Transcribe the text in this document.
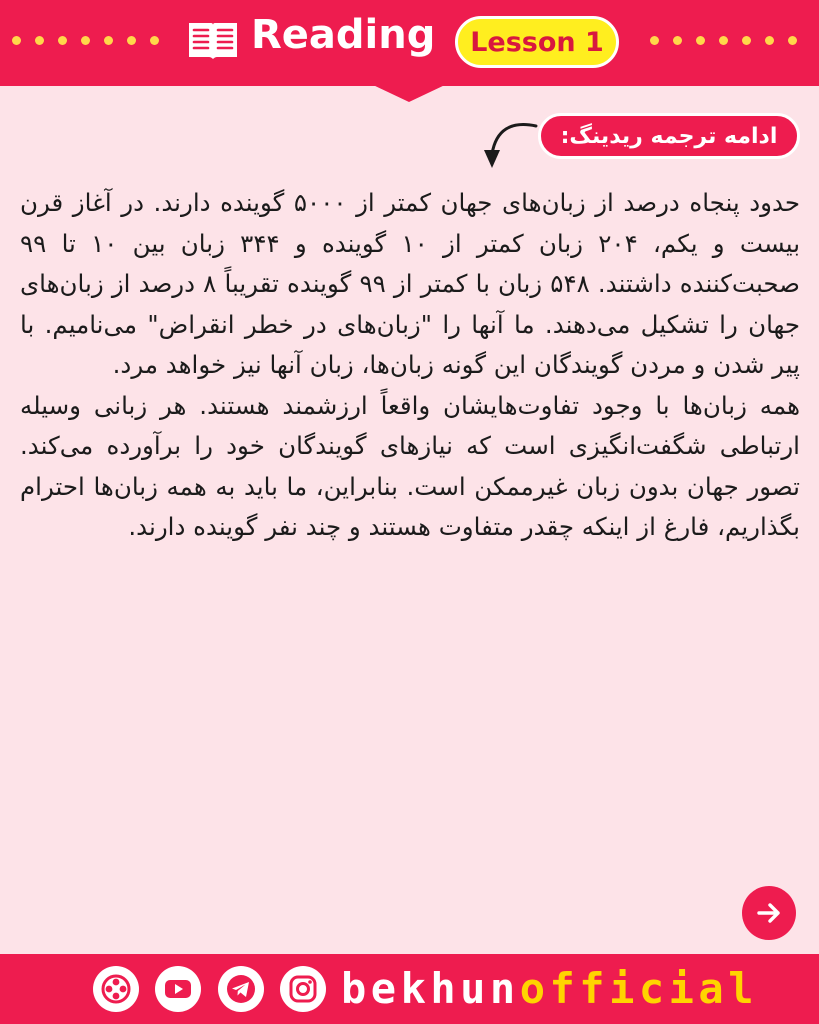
Reading	Lesson 1
ادامه ترجمه ریدینگ:

حدود پنجاه درصد از زبان‌های جهان کمتر از ۵۰۰۰ گوینده دارند. در آغاز قرن بیست و یکم، ۲۰۴ زبان کمتر از ۱۰ گوینده و ۳۴۴ زبان بین ۱۰ تا ۹۹ صحبت‌کننده داشتند. ۵۴۸ زبان با کمتر از ۹۹ گوینده تقریباً ۸ درصد از زبان‌های جهان را تشکیل می‌دهند. ما آنها را "زبان‌های در خطر انقراض" می‌نامیم. با پیر شدن و مردن گویندگان این گونه زبان‌ها، زبان آنها نیز خواهد مرد.

همه زبان‌ها با وجود تفاوت‌هایشان واقعاً ارزشمند هستند. هر زبانی وسیله ارتباطی شگفت‌انگیزی است که نیازهای گویندگان خود را برآورده می‌کند. تصور جهان بدون زبان غیرممکن است. بنابراین، ما باید به همه زبان‌ها احترام بگذاریم، فارغ از اینکه چقدر متفاوت هستند و چند نفر گوینده دارند.

bekhunofficial
